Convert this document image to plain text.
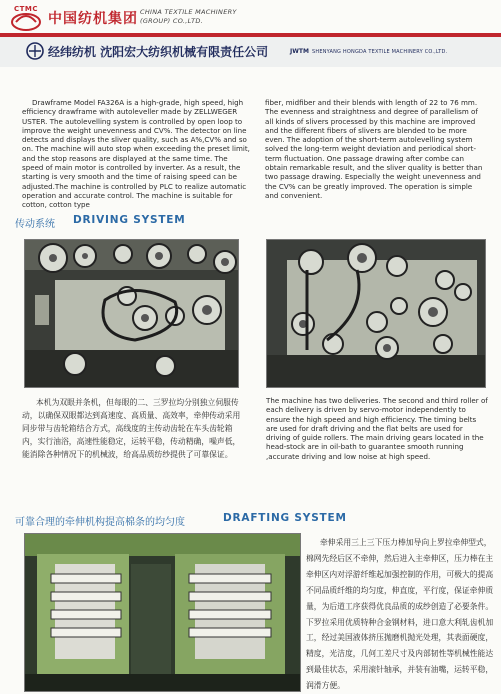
CTMC
中国纺机集团 CHINA TEXTILE MACHINERY
(GROUP) CO.,LTD.
经纬纺机 沈阳宏大纺织机械有限责任公司	JWTM SHENYANG HONGDA TEXTILE MACHINERY CO.,LTD.

Drawframe Model FA326A is a high-grade, high speed, high efficiency drawframe with autoleveller made by ZELLWEGER USTER. The autolevelling system is controlled by open loop to improve the weight unevenness and CV%. The detector on line detects and displays the sliver quality, such as A%,CV% and so on. The machine will auto stop when exceeding the preset limit, and the stop reasons are displayed at the same time. The speed of main motor is controlled by inverter. As a result, the starting is very smooth and the time of raising speed can be adjusted.The machine is controlled by PLC to realize automatic operation and accurate control. The machine is suitable for cotton, cotton type

fiber, midfiber and their blends with length of 22 to 76 mm. The evenness and straightness and degree of parallelism of all kinds of slivers processed by this machine are improved and the different fibers of slivers are blended to be more even. The adoption of the short-term autolevelling system solved the long-term weight deviation and periodical short-term fluctuation. One passage drawing after combe can obtain remarkable result, and the sliver quality is better than two passage drawing. Especially the weight unevenness and the CV% can be greatly improved. The operation is simple and convenient.

传动系统 DRIVING SYSTEM
本机为双眼并条机，但每眼的二、三罗拉均分别独立伺服传动，以确保双眼都达到高速度、高质量、高效率，牵伸传动采用同步带与齿轮箱结合方式，高线度的主传动齿轮在车头齿轮箱内，实行油浴，高速性能稳定，运转平稳，传动精确，噪声低，能消除各种情况下的机械波，给高品质纺纱提供了可靠保证。
The machine has two deliveries. The second and third roller of each delivery is driven by servo-motor independently to ensure the high speed and high efficiency. The timing belts are used for draft driving and the flat belts are used for driving of guide rollers. The main driving gears located in the head-stock are in oil-bath to guarantee smooth running ,accurate driving and low noise at high speed.
可靠合理的牵伸机构提高棉条的均匀度	DRAFTING SYSTEM
牵伸采用三上三下压力棒加导向上罗拉牵伸型式，棉网先经后区不牵伸，然后进入主牵伸区，压力棒在主牵伸区内对浮游纤维起加强控制的作用，可极大的提高不同品质纤维的均匀度，伸直度，平行度，保证牵伸质量，为后道工序获得优良品质的成纱创造了必要条件。下罗拉采用优质特种合金钢材料，进口意大利轧齿机加工，经过美国液体挤压抛磨机抛光处理，其表面硬度，精度，光洁度，几何工差尺寸及内部韧性等机械性能达到最佳状态，采用滚针轴承，并装有油嘴，运转平稳，润滑方便。
